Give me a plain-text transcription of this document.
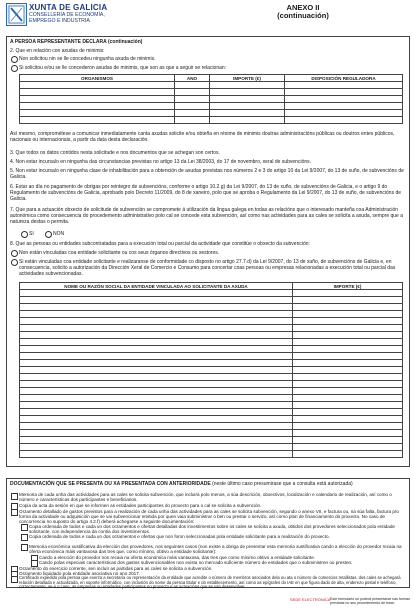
XUNTA DE GALICIA
CONSELLERÍA DE ECONOMÍA,
EMPREGO E INDUSTRIA
ANEXO II
(continuación)
A PERSOA REPRESENTANTE DECLARA (continuación)
2. Que en relación con axudas de minimis:
Non solicitou nin se lle concedeu ningunha axuda de minimis.
Si solicitou e/ou se lle concederon axudas de minimis, que son as que a seguir se relacionan:
ORGANISMOS	ANO	IMPORTE (€)	DISPOSICIÓN REGULADORA

Así mesmo, comprométese a comunicar inmediatamente canta axudas solicite e/ou obteña en réxime de minimis doutras administracións públicas ou doutros entes públicos, nacionais ou internacionais, a partir da data desta declaración.
3. Que todos os datos contidos nesta solicitude e nos documentos que se achegan son certos.
4. Non estar incursa/o en ningunha das circunstancias previstas no artigo 13 da Lei 38/2003, do 17 de novembro, xeral de subvencións.
5. Non estar incursa/o en ningunha clase de inhabilitación para a obtención de axudas previstas nos números 2 e 3 do artigo 10 da Lei 9/2007, do 13 de xuño, de subvencións de Galicia.
6. Estar ao día no pagamento de obrigas por reintegro de subvencións, conforme o artigo 10.2.g) da Lei 9/2007, do 13 de xuño, de subvencións de Galicia, e o artigo 9 do Regulamento de subvencións de Galicia, aprobado polo Decreto 11/2009, do 8 de xaneiro, polo que se aproba o Regulamento da Lei 9/2007, do 13 de xuño, de subvencións de Galicia.
7. Que para a actuación obxecto de solicitude de subvención se compromete á utilización da lingua galega en todas as relacións que o interesado manteña coa Administración autonómica como consecuencia do procedemento administrativo polo cal se concede esta subvención, así como nas actividades para as cales se solicita a axuda, sempre que a natureza destas o permita.
SI	NON
8. Que as persoas ou entidades subcontratadas para a execución total ou parcial da actividade que constitúe o obxecto da subvención:
Non están vinculadas coa entidade solicitante ou cos seus órganos directivos ou xestores.
Si están vinculadas coa entidade solicitante e realizaranse de conformidade co disposto no artigo 27.7.d) da Lei 9/2007, do 13 de xuño, de subvencións de Galicia e, en consecuencia, solicito a autorización da Dirección Xeral de Comercio e Consumo para concertar coas persoas ou empresas relacionadas a execución total ou parcial das actividades subvencionadas.
NOME OU RAZÓN SOCIAL DA ENTIDADE VINCULADA AO SOLICITANTE DA AXUDA	IMPORTE (€)

DOCUMENTACIÓN QUE SE PRESENTA OU XA PRESENTADA CON ANTERIORIDADE (neste último caso presumirase que a consulta está autorizada)
Memoria de cada unha das actividades para as cales se solicita subvención, que incluirá polo menos, a súa descrición, obxectivos, localización e calendario de realización, así como o número e características dos participantes e beneficiarios.
Copia da acta da sesión en que se informen as entidades participantes do proxecto para o cal se solicita a subvención.
Orzamento detallado de gastos previstos para a realización de cada unha das actividades para as cales se solicita subvención, segundo o anexo VII, e factura ou, na súa falta, factura pro forma da actividade ou adquisición que se vai subvencionar emitida por quen vaia subministrar o ben ou prestar o servizo, así como plan de financiamento do proxecto. No caso de concorrencia no suposto do artigo 4.2.f) deberá achegarse a seguinte documentación:
Copia ordenada de todos e cada un dos orzamentos e ofertas detalladas dos investimentos sobre os cales se solicita a axuda, obtidos dos provedores seleccionados pola entidade solicitante, con independencia da contía dos investimentos.
Copia ordenada de todos e cada un dos orzamentos e ofertas que non foron seleccionadas pola entidade solicitante para a realización do proxecto.
Memoria económica xustificativa da elección dos provedores, nos seguintes casos (non existe a obriga de presentar esta memoria xustificativa cando a elección do provedor recaia na oferta económica máis vantaxosa das tres que, como mínimo, obtivo a entidade solicitante):
Cando a elección do provedor non recaia na oferta económica máis vantaxosa, das tres que como mínimo obtivo a entidade solicitante.
Cando polas especiais características dos gastos subvencionables non exista no mercado suficiente número de entidades que o subministren ou presten.
Orzamento do exercicio corrente, sen incluír as partidas para as cales se solicita a subvención.
Orzamento liquidado pola entidade asociativa no ano 2017.
Certificado expedido pola persoa que exerza a secretaría ou representación da entidade que acredite o número de membros asociados dela ou ata o número de comercios retallistas, dos cales se achegará relación detallada e actualizada, en soporte informático, con inclusión do nome da persoa titular e do establecemento, así como as epígrafes do IAE en que figura dado de alta, enderezo postal e teléfono, correctamente, se é o caso, as empresas ou entidades participantes no proxecto e as actuacións que se van desenvolver.
SEDE ELECTRÓNICA Este formulario só poderá presentarse nas formas previstas no seu procedemento de traxe.
